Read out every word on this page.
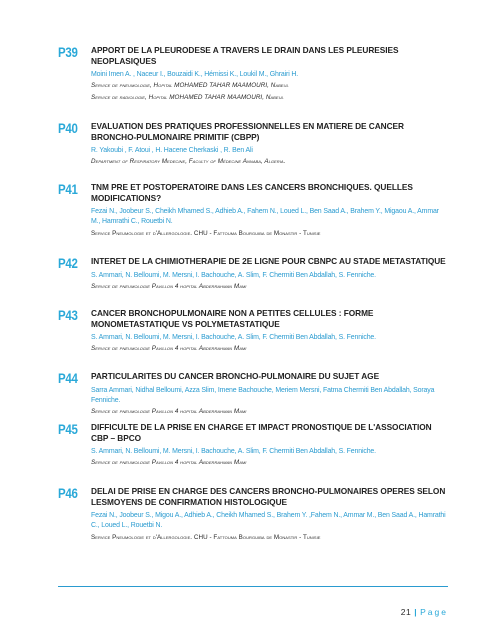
P39	APPORT DE LA PLEURODESE A TRAVERS LE DRAIN DANS LES PLEURESIES NEOPLASIQUES
Moini Imen A. , Naceur I., Bouzaidi K., Hémissi K., Loukil M., Ghrairi H.
Service de pneumologie, Hopital MOHAMED TAHAR MAAMOURI, Nabeul
Service de radiologie, Hopital MOHAMED TAHAR MAAMOURI, Nabeul
P40	EVALUATION DES PRATIQUES PROFESSIONNELLES EN MATIERE DE CANCER BRONCHO-PULMONAIRE PRIMITIF (CBPP)
R. Yakoubi , F. Atoui , H. Hacene Cherkaski , R. Ben Ali
Department of Respiratory Medecine, Faculty of Médecine Annaba, Algeria.
P41	TNM PRE ET POSTOPERATOIRE DANS LES CANCERS BRONCHIQUES. QUELLES MODIFICATIONS?
Fezai N., Joobeur S., Cheikh Mhamed S., Adhieb A., Fahem N., Loued L., Ben Saad A., Brahem Y., Migaou A., Ammar M., Hamrathi C., Rouetbi N.
Service Pneumologie et d'Allergologie. CHU - Fattouma Bourguiba de Monastir - Tunisie
P42	INTERET DE LA CHIMIOTHERAPIE DE 2E LIGNE POUR CBNPC AU STADE METASTATIQUE
S. Ammari, N. Belloumi, M. Mersni, I. Bachouche, A. Slim, F. Chermiti Ben Abdallah, S. Fenniche.
Service de pneumologie Pavillon 4 hopital Abderrahman Mami
P43	CANCER BRONCHOPULMONAIRE NON A PETITES CELLULES : FORME MONOMETASTATIQUE VS POLYMETASTATIQUE
S. Ammari, N. Belloumi, M. Mersni, I. Bachouche, A. Slim, F. Chermiti Ben Abdallah, S. Fenniche.
Service de pneumologie Pavillon 4 hopital Abderrahman Mami
P44	PARTICULARITES DU CANCER BRONCHO-PULMONAIRE DU SUJET AGE
Sarra Ammari, Nidhal Belloumi, Azza Slim, Imene Bachouche, Meriem Mersni, Fatma Chermiti Ben Abdallah, Soraya Fenniche.
Service de pneumologie Pavillon 4 hopital Abderrahman Mami
P45	DIFFICULTE DE LA PRISE EN CHARGE ET IMPACT PRONOSTIQUE DE L'ASSOCIATION CBP – BPCO
S. Ammari, N. Belloumi, M. Mersni, I. Bachouche, A. Slim, F. Chermiti Ben Abdallah, S. Fenniche.
Service de pneumologie Pavillon 4 hopital Abderrahman Mami
P46	DELAI DE PRISE EN CHARGE DES CANCERS BRONCHO-PULMONAIRES OPERES SELON LESMOYENS DE CONFIRMATION HISTOLOGIQUE
Fezai N., Joobeur S., Migou A., Adhieb A., Cheikh Mhamed S., Brahem Y. ,Fahem N., Ammar M., Ben Saad A., Hamrathi C., Loued L., Rouetbi N.
Service Pneumologie et d'Allergologie. CHU - Fattouma Bourguiba de Monastir - Tunisie
21 | Page
